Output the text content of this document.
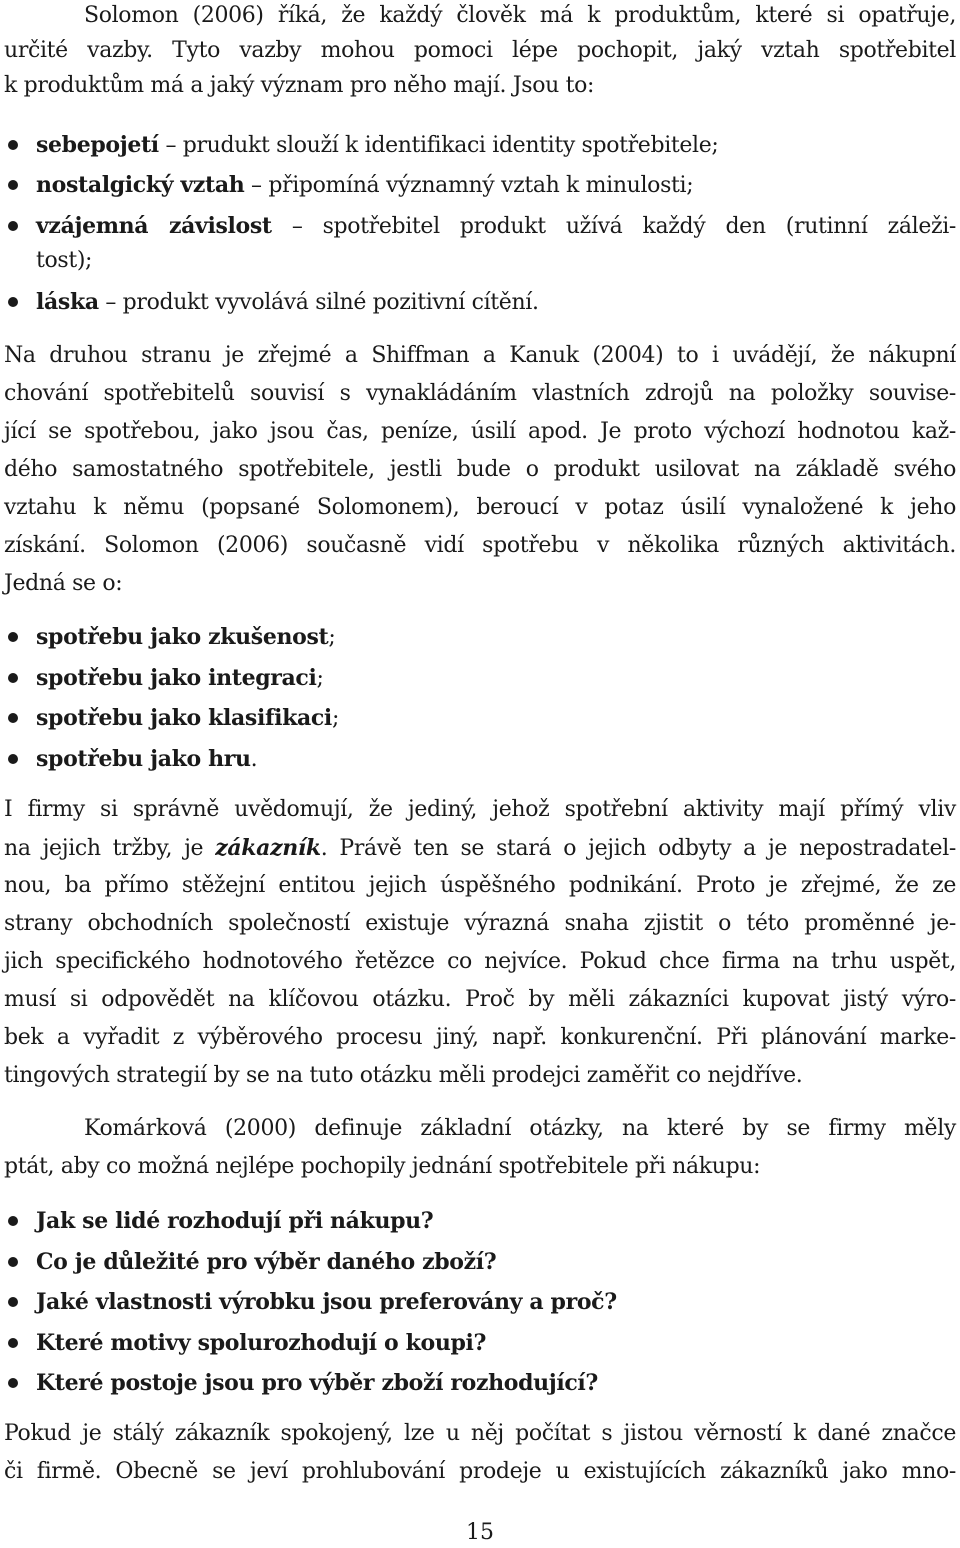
Solomon (2006) říká, že každý člověk má k produktům, které si opatřuje,
určité vazby. Tyto vazby mohou pomoci lépe pochopit, jaký vztah spotřebitel
k produktům má a jaký význam pro něho mají. Jsou to:
sebepojetí – prudukt slouží k identifikaci identity spotřebitele;
nostalgický vztah – připomíná významný vztah k minulosti;
vzájemná závislost – spotřebitel produkt užívá každý den (rutinní záleži-
tost);
láska – produkt vyvolává silné pozitivní cítění.
Na druhou stranu je zřejmé a Shiffman a Kanuk (2004) to i uvádějí, že nákupní
chování spotřebitelů souvisí s vynakládáním vlastních zdrojů na položky souvise-
jící se spotřebou, jako jsou čas, peníze, úsilí apod. Je proto výchozí hodnotou kaž-
dého samostatného spotřebitele, jestli bude o produkt usilovat na základě svého
vztahu k němu (popsané Solomonem), beroucí v potaz úsilí vynaložené k jeho
získání. Solomon (2006) současně vidí spotřebu v několika různých aktivitách.
Jedná se o:
spotřebu jako zkušenost;
spotřebu jako integraci;
spotřebu jako klasifikaci;
spotřebu jako hru.
I firmy si správně uvědomují, že jediný, jehož spotřební aktivity mají přímý vliv
na jejich tržby, je zákazník. Právě ten se stará o jejich odbyty a je nepostradatel-
nou, ba přímo stěžejní entitou jejich úspěšného podnikání. Proto je zřejmé, že ze
strany obchodních společností existuje výrazná snaha zjistit o této proměnné je-
jich specifického hodnotového řetězce co nejvíce. Pokud chce firma na trhu uspět,
musí si odpovědět na klíčovou otázku. Proč by měli zákazníci kupovat jistý výro-
bek a vyřadit z výběrového procesu jiný, např. konkurenční. Při plánování marke-
tingových strategií by se na tuto otázku měli prodejci zaměřit co nejdříve.
Komárková (2000) definuje základní otázky, na které by se firmy měly
ptát, aby co možná nejlépe pochopily jednání spotřebitele při nákupu:
Jak se lidé rozhodují při nákupu?
Co je důležité pro výběr daného zboží?
Jaké vlastnosti výrobku jsou preferovány a proč?
Které motivy spolurozhodují o koupi?
Které postoje jsou pro výběr zboží rozhodující?
Pokud je stálý zákazník spokojený, lze u něj počítat s jistou věrností k dané značce
či firmě. Obecně se jeví prohlubování prodeje u existujících zákazníků jako mno-
15
